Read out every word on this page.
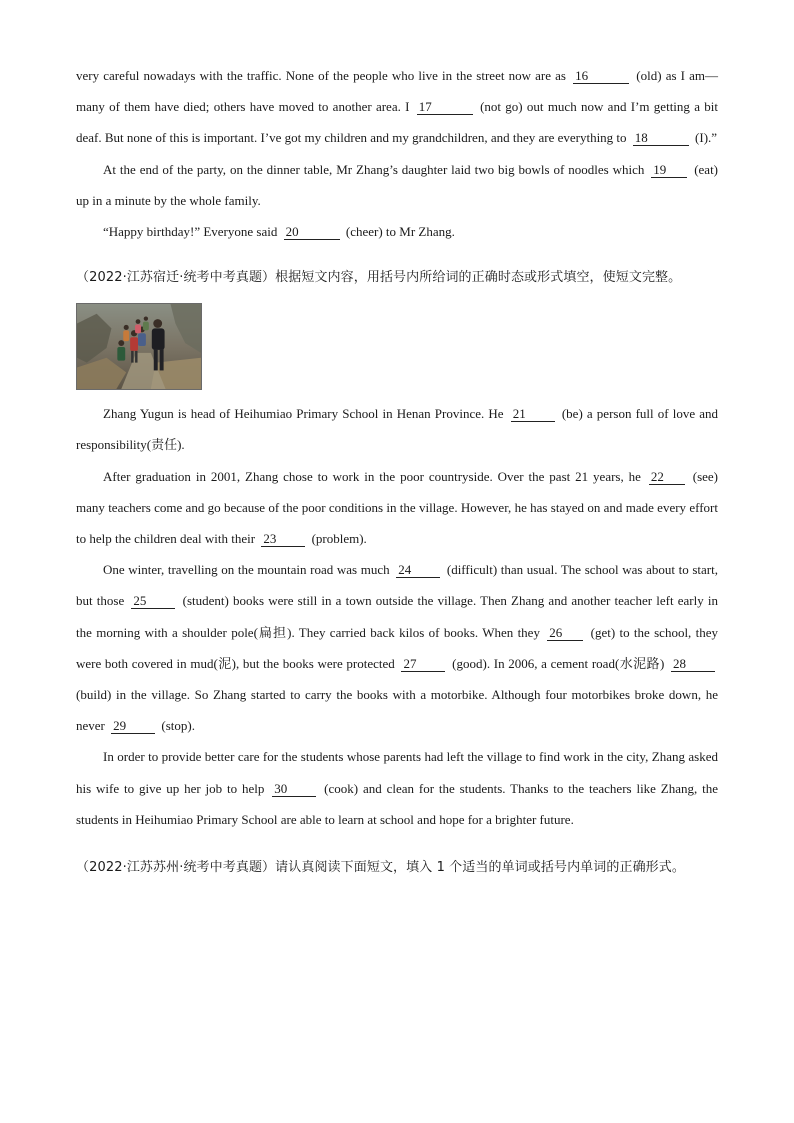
very careful nowadays with the traffic. None of the people who live in the street now are as 16	(old) as I am—many of them have died; others have moved to another area. I 17	(not go) out much now and I’m getting a bit deaf. But none of this is important. I’ve got my children and my grandchildren, and they are everything to 18	(I).”

At the end of the party, on the dinner table, Mr Zhang’s daughter laid two big bowls of noodles which 19 (eat) up in a minute by the whole family.

“Happy birthday!” Everyone said 20	(cheer) to Mr Zhang.

（2022·江苏宿迁·统考中考真题）根据短文内容，用括号内所给词的正确时态或形式填空，使短文完整。

Zhang Yugun is head of Heihumiao Primary School in Henan Province. He 21	(be) a person full of love and responsibility(责任).

After graduation in 2001, Zhang chose to work in the poor countryside. Over the past 21 years, he 22 (see) many teachers come and go because of the poor conditions in the village. However, he has stayed on and made every effort to help the children deal with their 23	(problem).

One winter, travelling on the mountain road was much 24	(difficult) than usual. The school was about to start, but those 25	(student) books were still in a town outside the village. Then Zhang and another teacher left early in the morning with a shoulder pole(扁担). They carried back kilos of books. When they 26 (get) to the school, they were both covered in mud(泥), but the books were protected 27	(good). In 2006, a cement road(水泥路) 28 (build) in the village. So Zhang started to carry the books with a motorbike. Although four motorbikes broke down, he never 29	(stop).

In order to provide better care for the students whose parents had left the village to find work in the city, Zhang asked his wife to give up her job to help 30	(cook) and clean for the students. Thanks to the teachers like Zhang, the students in Heihumiao Primary School are able to learn at school and hope for a brighter future.

（2022·江苏苏州·统考中考真题）请认真阅读下面短文，填入 1 个适当的单词或括号内单词的正确形式。
